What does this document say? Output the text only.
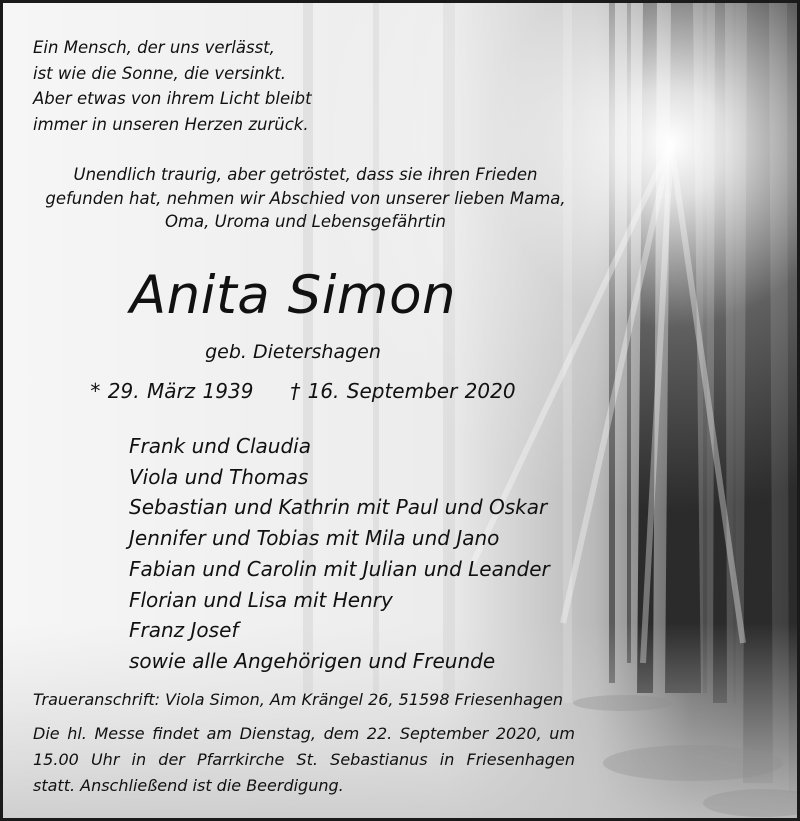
Ein Mensch, der uns verlässt,
ist wie die Sonne, die versinkt.
Aber etwas von ihrem Licht bleibt
immer in unseren Herzen zurück.
Unendlich traurig, aber getröstet, dass sie ihren Frieden
gefunden hat, nehmen wir Abschied von unserer lieben Mama,
Oma, Uroma und Lebensgefährtin
Anita Simon
geb. Dietershagen
* 29. März 1939 † 16. September 2020
Frank und Claudia
Viola und Thomas
Sebastian und Kathrin mit Paul und Oskar
Jennifer und Tobias mit Mila und Jano
Fabian und Carolin mit Julian und Leander
Florian und Lisa mit Henry
Franz Josef
sowie alle Angehörigen und Freunde
Traueranschrift: Viola Simon, Am Krängel 26, 51598 Friesenhagen
Die hl. Messe findet am Dienstag, dem 22. September 2020, um
15.00 Uhr in der Pfarrkirche St. Sebastianus in Friesenhagen
statt. Anschließend ist die Beerdigung.
